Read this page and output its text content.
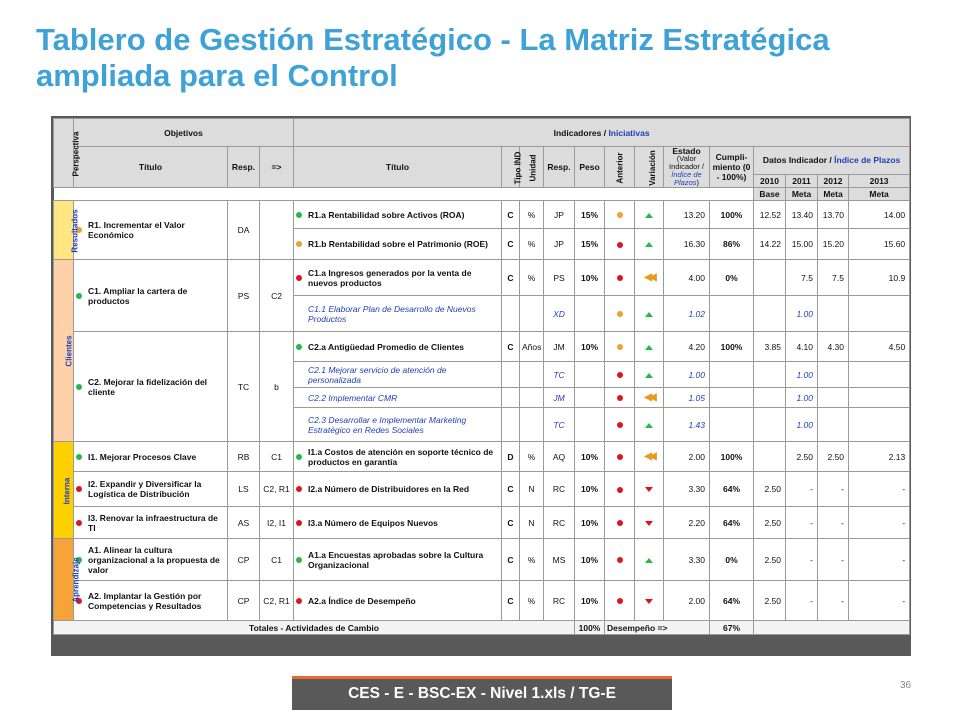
Tablero de Gestión Estratégico - La Matriz Estratégica ampliada para el Control
Perspectiva	Objetivos			Indicadores / Iniciativas												
	Título	Resp.	=>	Título	Tipo IND	Unidad	Resp.	Peso	Anterior	Variación	Estado
(Valor Indicador /
Índice de Plazos)	Cumpli-miento (0 - 100%)	Datos Indicador / Índice de Plazos			
													2010	2011	2012	2013
													Base	Meta	Meta	Meta
Resultados	R1. Incrementar el Valor Económico	DA		R1.a Rentabilidad sobre Activos (ROA)	C	%	JP	15%			13.20	100%	12.52	13.40	13.70	14.00

				R1.b Rentabilidad sobre el Patrimonio (ROE)	C	%	JP	15%			16.30	86%	14.22	15.00	15.20	15.60
Clientes	C1. Ampliar la cartera de productos	PS	C2	C1.a Ingresos generados por la venta de nuevos productos	C	%	PS	10%		◀◀	4.00	0%		7.5	7.5	10.9

				C1.1 Elaborar Plan de Desarrollo de Nuevos Productos			XD				1.02			1.00		

	C2. Mejorar la fidelización del cliente	TC	b	C2.a Antigüedad Promedio de Clientes	C	Años	JM	10%			4.20	100%	3.85	4.10	4.30	4.50

				C2.1 Mejorar servicio de atención de personalizada			TC				1.00			1.00		

				C2.2 Implementar CMR			JM			◀◀	1.05			1.00		

				C2.3 Desarrollar e Implementar Marketing Estratégico en Redes Sociales			TC				1.43			1.00		
Interna	I1. Mejorar Procesos Clave	RB	C1	I1.a Costos de atención en soporte técnico de productos en garantía	D	%	AQ	10%		◀◀	2.00	100%		2.50	2.50	2.13

	I2. Expandir y Diversificar la Logística de Distribución	LS	C2, R1	I2.a Número de Distribuidores en la Red	C	N	RC	10%			3.30	64%	2.50	-	-	-

	I3. Renovar la infraestructura de TI	AS	I2, I1	I3.a Número de Equipos Nuevos	C	N	RC	10%			2.20	64%	2.50	-	-	-
Aprendizaje	A1. Alinear la cultura organizacional a la propuesta de valor	CP	C1	A1.a Encuestas aprobadas sobre la Cultura Organizacional	C	%	MS	10%			3.30	0%	2.50	-	-	-

	A2. Implantar la Gestión por Competencias y Resultados	CP	C2, R1	A2.a Índice de Desempeño	C	%	RC	10%			2.00	64%	2.50	-	-	-
Totales - Actividades de Cambio								100%	Desempeño =>			67%				
CES - E - BSC-EX - Nivel 1.xls / TG-E	36
